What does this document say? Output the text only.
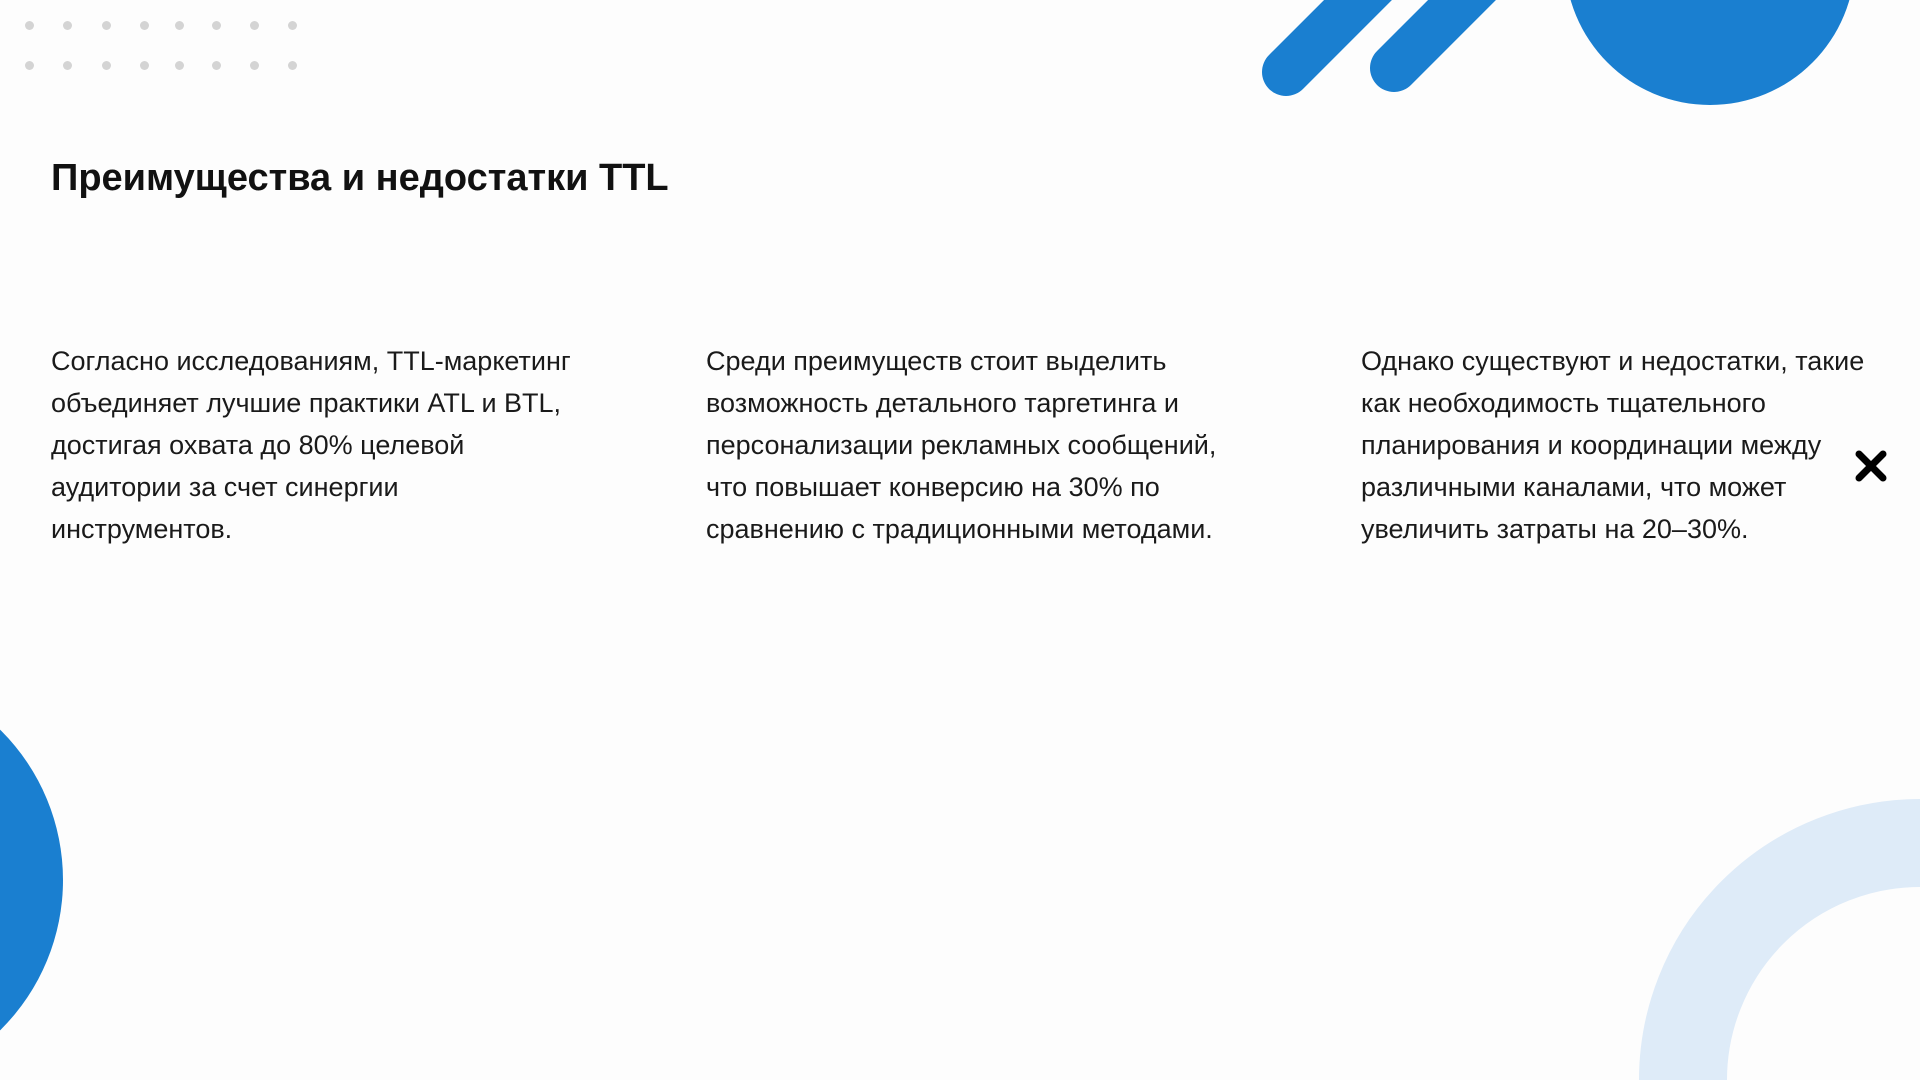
Преимущества и недостатки TTL

Согласно исследованиям, TTL-маркетинг объединяет лучшие практики ATL и BTL, достигая охвата до 80% целевой аудитории за счет синергии инструментов.

Среди преимуществ стоит выделить возможность детального таргетинга и персонализации рекламных сообщений, что повышает конверсию на 30% по сравнению с традиционными методами.

Однако существуют и недостатки, такие как необходимость тщательного планирования и координации между различными каналами, что может увеличить затраты на 20–30%.
